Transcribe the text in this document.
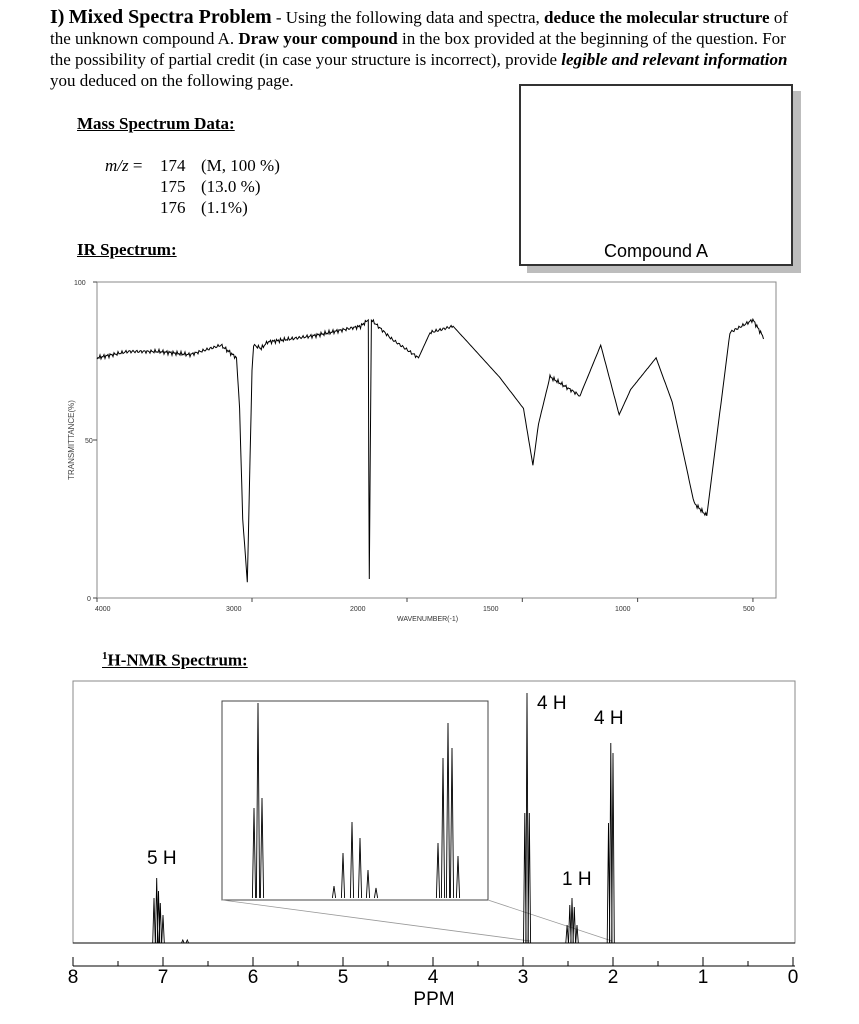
I) Mixed Spectra Problem - Using the following data and spectra, deduce the molecular structure of the unknown compound A. Draw your compound in the box provided at the beginning of the question. For the possibility of partial credit (in case your structure is incorrect), provide legible and relevant information you deduced on the following page.
Compound A
Mass Spectrum Data:
m/z = 174 (M, 100 %)
175 (13.0 %)
176 (1.1%)
IR Spectrum:
TRANSMITTANCE(%)
100
50
0
4000	3000	2000	1500	1000	500
WAVENUMBER(-1)
$^1$H-NMR Spectrum:
8	7	6	5	4	3	2	1	0
PPM
5 H
4 H
1 H
4 H
